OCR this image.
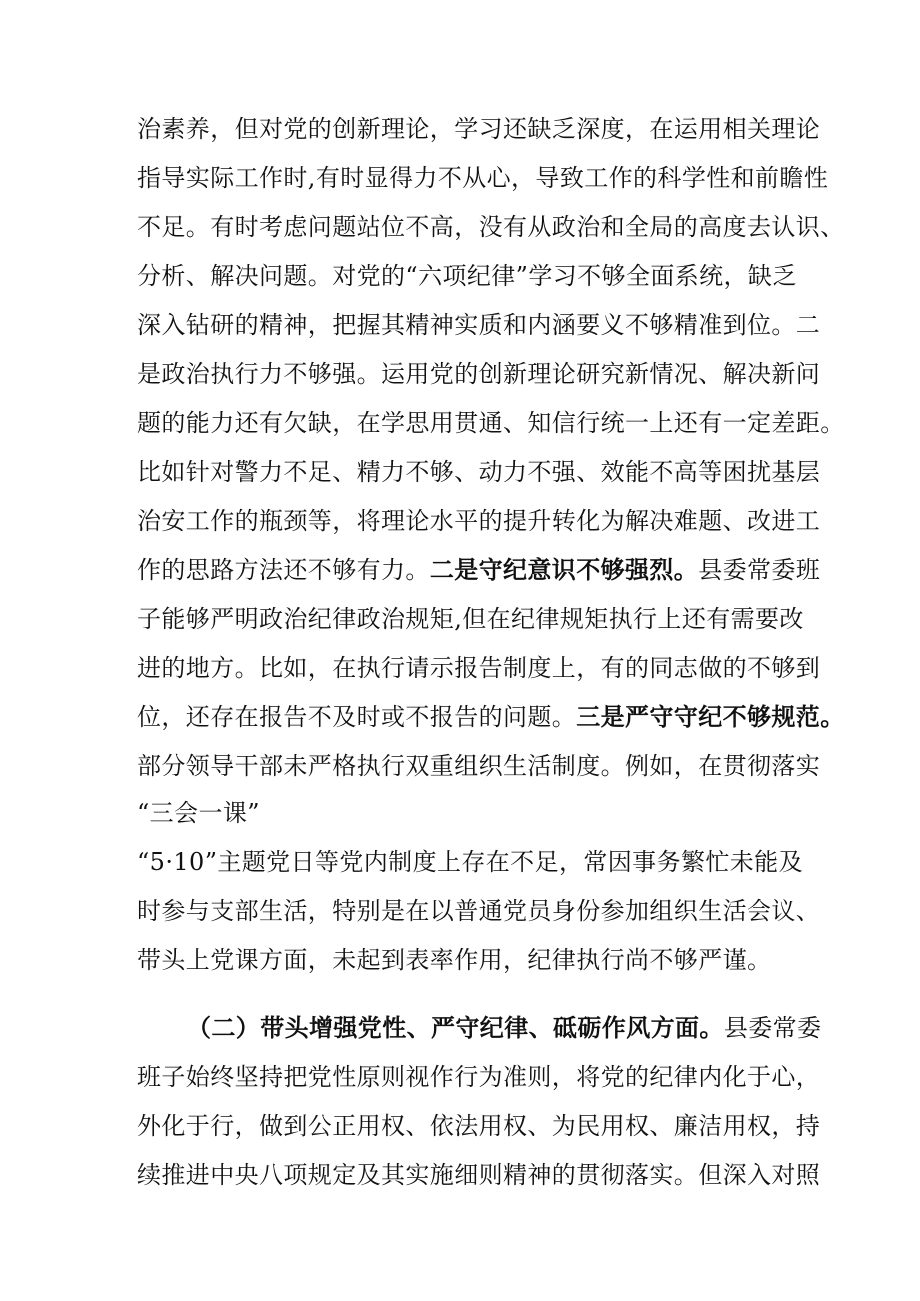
治素养，但对党的创新理论，学习还缺乏深度，在运用相关理论
指导实际工作时,有时显得力不从心，导致工作的科学性和前瞻性
不足。有时考虑问题站位不高，没有从政治和全局的高度去认识、
分析、解决问题。对党的“六项纪律”学习不够全面系统，缺乏
深入钻研的精神，把握其精神实质和内涵要义不够精准到位。二
是政治执行力不够强。运用党的创新理论研究新情况、解决新问
题的能力还有欠缺，在学思用贯通、知信行统一上还有一定差距。
比如针对警力不足、精力不够、动力不强、效能不高等困扰基层
治安工作的瓶颈等，将理论水平的提升转化为解决难题、改进工
作的思路方法还不够有力。二是守纪意识不够强烈。县委常委班
子能够严明政治纪律政治规矩,但在纪律规矩执行上还有需要改
进的地方。比如，在执行请示报告制度上，有的同志做的不够到
位，还存在报告不及时或不报告的问题。三是严守守纪不够规范。
部分领导干部未严格执行双重组织生活制度。例如，在贯彻落实
“三会一课”
“5·10”主题党日等党内制度上存在不足，常因事务繁忙未能及
时参与支部生活，特别是在以普通党员身份参加组织生活会议、
带头上党课方面，未起到表率作用，纪律执行尚不够严谨。
（二）带头增强党性、严守纪律、砥砺作风方面。县委常委
班子始终坚持把党性原则视作行为准则，将党的纪律内化于心，
外化于行，做到公正用权、依法用权、为民用权、廉洁用权，持
续推进中央八项规定及其实施细则精神的贯彻落实。但深入对照
